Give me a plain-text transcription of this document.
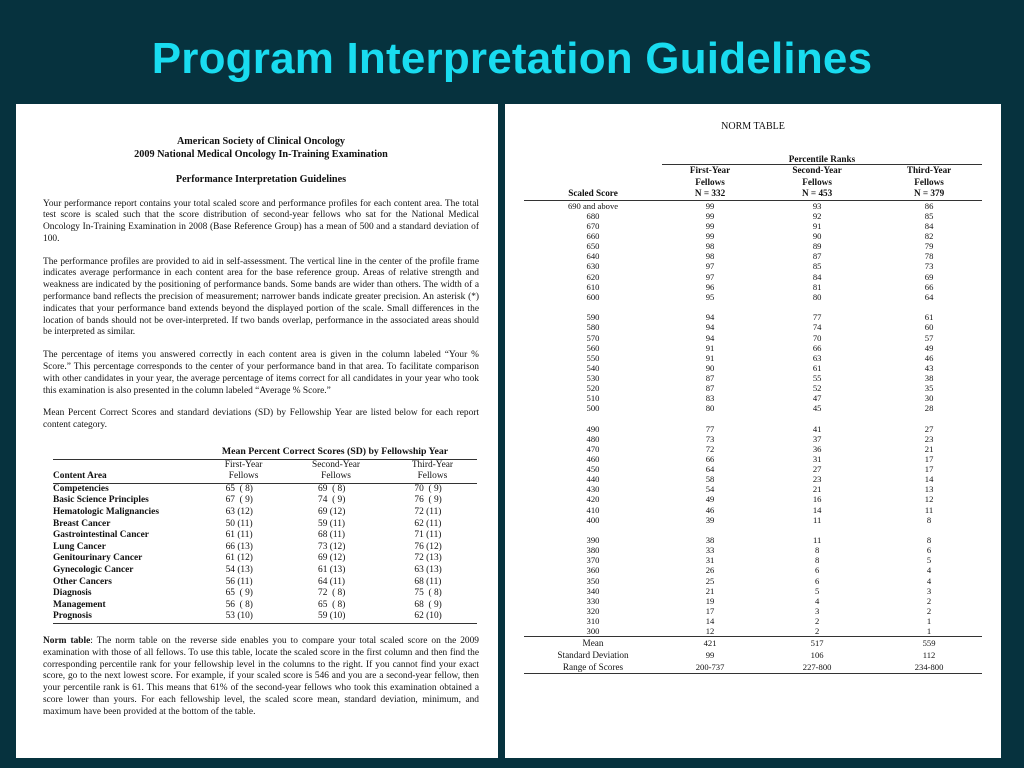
Program Interpretation Guidelines
American Society of Clinical Oncology
2009 National Medical Oncology In-Training Examination
Performance Interpretation Guidelines

Your performance report contains your total scaled score and performance profiles for each content area. The total test score is scaled such that the score distribution of second-year fellows who sat for the National Medical Oncology In-Training Examination in 2008 (Base Reference Group) has a mean of 500 and a standard deviation of 100.

The performance profiles are provided to aid in self-assessment. The vertical line in the center of the profile frame indicates average performance in each content area for the base reference group. Areas of relative strength and weakness are indicated by the positioning of performance bands. Some bands are wider than others. The width of a performance band reflects the precision of measurement; narrower bands indicate greater precision. An asterisk (*) indicates that your performance band extends beyond the displayed portion of the scale. Small differences in the location of bands should not be over-interpreted. If two bands overlap, performance in the associated areas should be interpreted as similar.

The percentage of items you answered correctly in each content area is given in the column labeled “Your % Score.” This percentage corresponds to the center of your performance band in that area. To facilitate comparison with other candidates in your year, the average percentage of items correct for all candidates in your year who took this examination is also presented in the column labeled “Average % Score.”

Mean Percent Correct Scores and standard deviations (SD) by Fellowship Year are listed below for each report content category.

Mean Percent Correct Scores (SD) by Fellowship Year			
	First-Year	Second-Year	Third-Year
Content Area	Fellows	Fellows	Fellows
Competencies	65  ( 8)	69  ( 8)	70  ( 9)
Basic Science Principles	67  ( 9)	74  ( 9)	76  ( 9)
Hematologic Malignancies	63 (12)	69 (12)	72 (11)
Breast Cancer	50 (11)	59 (11)	62 (11)
Gastrointestinal Cancer	61 (11)	68 (11)	71 (11)
Lung Cancer	66 (13)	73 (12)	76 (12)
Genitourinary Cancer	61 (12)	69 (12)	72 (13)
Gynecologic Cancer	54 (13)	61 (13)	63 (13)
Other Cancers	56 (11)	64 (11)	68 (11)
Diagnosis	65  ( 9)	72  ( 8)	75  ( 8)
Management	56  ( 8)	65  ( 8)	68  ( 9)
Prognosis	53 (10)	59 (10)	62 (10)

Norm table: The norm table on the reverse side enables you to compare your total scaled score on the 2009 examination with those of all fellows. To use this table, locate the scaled score in the first column and then find the corresponding percentile rank for your fellowship level in the columns to the right. If you cannot find your exact score, go to the next lowest score. For example, if your scaled score is 546 and you are a second-year fellow, then your percentile rank is 61. This means that 61% of the second-year fellows who took this examination obtained a score lower than yours. For each fellowship level, the scaled score mean, standard deviation, minimum, and maximum have been provided at the bottom of the table.

NORM TABLE
	Percentile Ranks		
	First-Year	Second-Year	Third-Year
	Fellows	Fellows	Fellows
Scaled Score	N = 332	N = 453	N = 379
690 and above	99	93	86
680	99	92	85
670	99	91	84
660	99	90	82
650	98	89	79
640	98	87	78
630	97	85	73
620	97	84	69
610	96	81	66
600	95	80	64

590	94	77	61
580	94	74	60
570	94	70	57
560	91	66	49
550	91	63	46
540	90	61	43
530	87	55	38
520	87	52	35
510	83	47	30
500	80	45	28

490	77	41	27
480	73	37	23
470	72	36	21
460	66	31	17
450	64	27	17
440	58	23	14
430	54	21	13
420	49	16	12
410	46	14	11
400	39	11	8

390	38	11	8
380	33	8	6
370	31	8	5
360	26	6	4
350	25	6	4
340	21	5	3
330	19	4	2
320	17	3	2
310	14	2	1
300	12	2	1
Mean	421	517	559
Standard Deviation	99	106	112
Range of Scores	200-737	227-800	234-800
